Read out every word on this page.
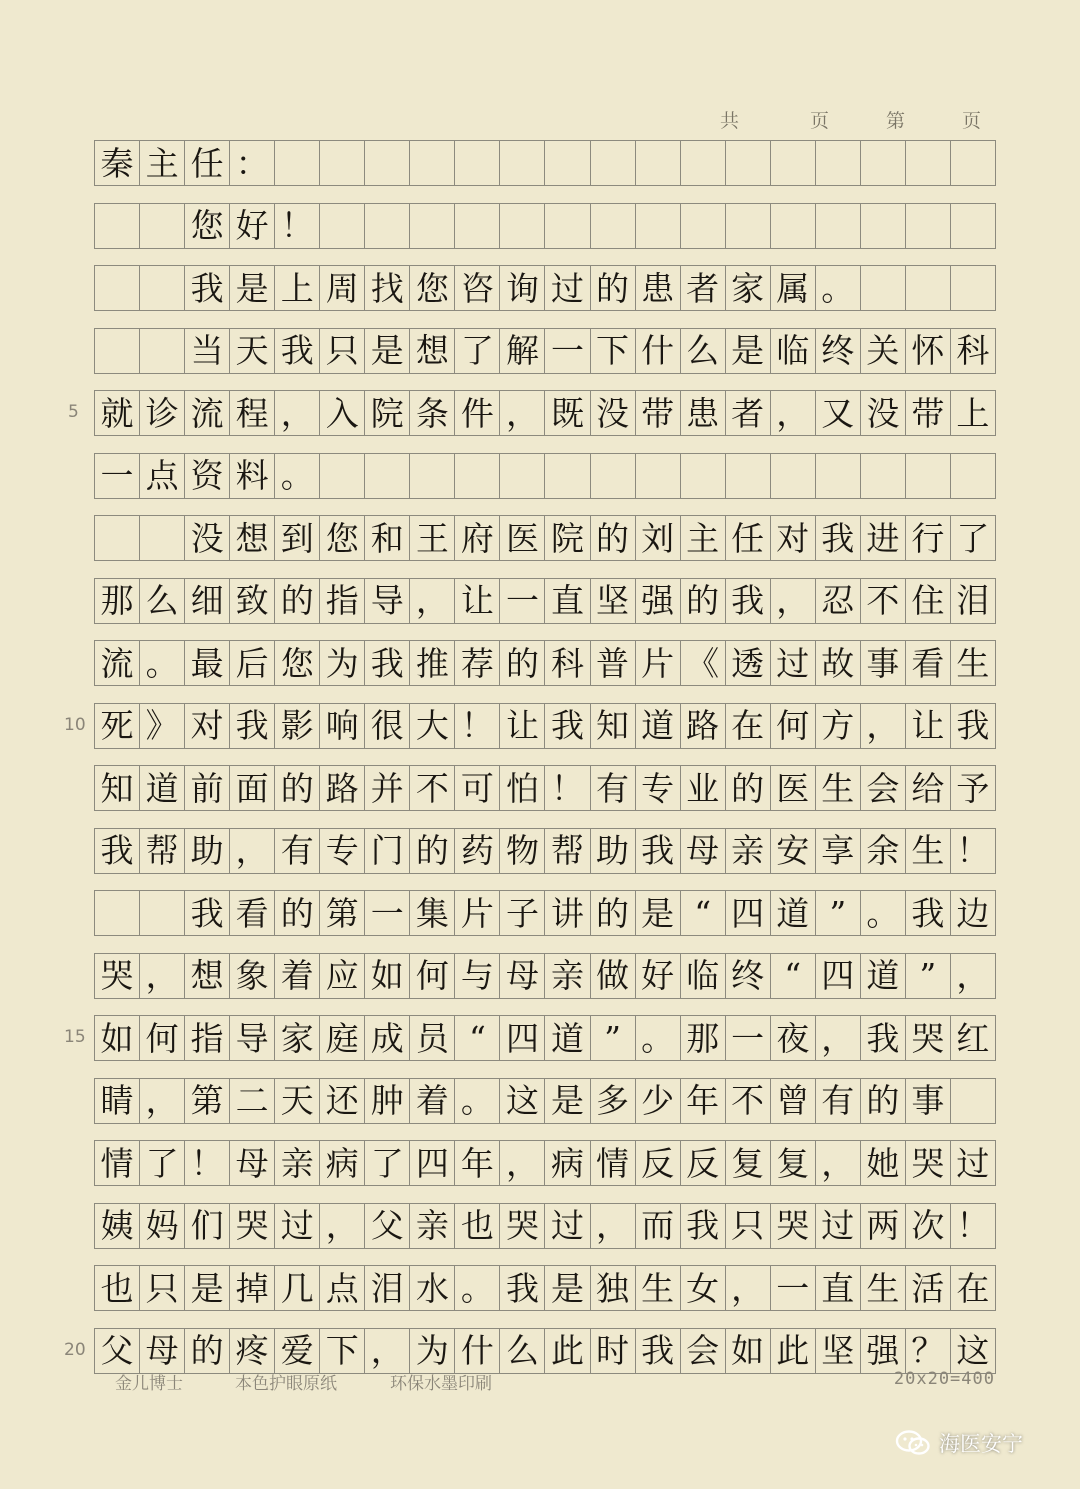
共	页	第	页
5
10
15
20
秦 主 任 ：
您 好 ！
我 是 上 周 找 您 咨 询 过 的 患 者 家 属 。
当 天 我 只 是 想 了 解 一 下 什 么 是 临 终 关 怀 科
就 诊 流 程 ， 入 院 条 件 ， 既 没 带 患 者 ， 又 没 带 上
一 点 资 料 。
没 想 到 您 和 王 府 医 院 的 刘 主 任 对 我 进 行 了
那 么 细 致 的 指 导 ， 让 一 直 坚 强 的 我 ， 忍 不 住 泪
流 。 最 后 您 为 我 推 荐 的 科 普 片 《 透 过 故 事 看 生
死 》 对 我 影 响 很 大 ！ 让 我 知 道 路 在 何 方 ， 让 我
知 道 前 面 的 路 并 不 可 怕 ！ 有 专 业 的 医 生 会 给 予
我 帮 助 ， 有 专 门 的 药 物 帮 助 我 母 亲 安 享 余 生 ！
我 看 的 第 一 集 片 子 讲 的 是 “ 四 道 ” 。 我 边
哭 ， 想 象 着 应 如 何 与 母 亲 做 好 临 终 “ 四 道 ” ，
如 何 指 导 家 庭 成 员 “ 四 道 ” 。 那 一 夜 ， 我 哭 红
睛 ， 第 二 天 还 肿 着 。 这 是 多 少 年 不 曾 有 的 事
情 了 ！ 母 亲 病 了 四 年 ， 病 情 反 反 复 复 ， 她 哭 过
姨 妈 们 哭 过 ， 父 亲 也 哭 过 ， 而 我 只 哭 过 两 次 ！
也 只 是 掉 几 点 泪 水 。 我 是 独 生 女 ， 一 直 生 活 在
父 母 的 疼 爱 下 ， 为 什 么 此 时 我 会 如 此 坚 强 ？ 这
金儿博士	本色护眼原纸	环保水墨印刷	20x20=400
海医安宁
